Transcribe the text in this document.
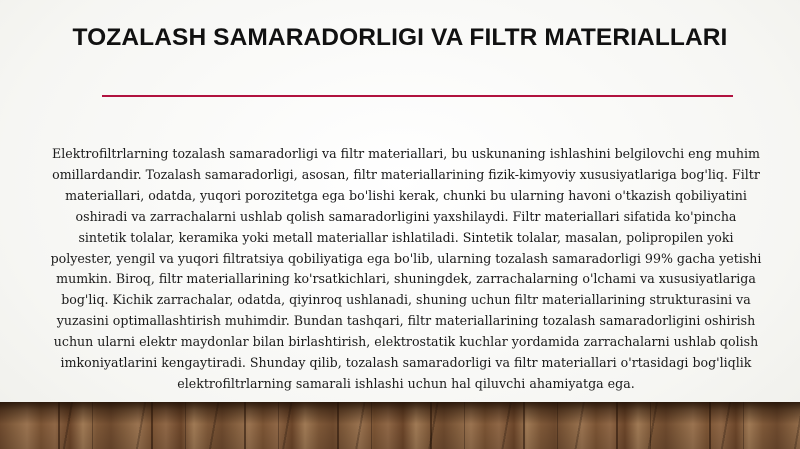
TOZALASH SAMARADORLIGI VA FILTR MATERIALLARI

Elektrofiltrlarning tozalash samaradorligi va filtr materiallari, bu uskunaning ishlashini belgilovchi eng muhim omillardandir. Tozalash samaradorligi, asosan, filtr materiallarining fizik-kimyoviy xususiyatlariga bog'liq. Filtr materiallari, odatda, yuqori porozitetga ega bo'lishi kerak, chunki bu ularning havoni o'tkazish qobiliyatini oshiradi va zarrachalarni ushlab qolish samaradorligini yaxshilaydi. Filtr materiallari sifatida ko'pincha sintetik tolalar, keramika yoki metall materiallar ishlatiladi. Sintetik tolalar, masalan, polipropilen yoki polyester, yengil va yuqori filtratsiya qobiliyatiga ega bo'lib, ularning tozalash samaradorligi 99% gacha yetishi mumkin. Biroq, filtr materiallarining ko'rsatkichlari, shuningdek, zarrachalarning o'lchami va xususiyatlariga bog'liq. Kichik zarrachalar, odatda, qiyinroq ushlanadi, shuning uchun filtr materiallarining strukturasini va yuzasini optimallashtirish muhimdir. Bundan tashqari, filtr materiallarining tozalash samaradorligini oshirish uchun ularni elektr maydonlar bilan birlashtirish, elektrostatik kuchlar yordamida zarrachalarni ushlab qolish imkoniyatlarini kengaytiradi. Shunday qilib, tozalash samaradorligi va filtr materiallari o'rtasidagi bog'liqlik elektrofiltrlarning samarali ishlashi uchun hal qiluvchi ahamiyatga ega.
